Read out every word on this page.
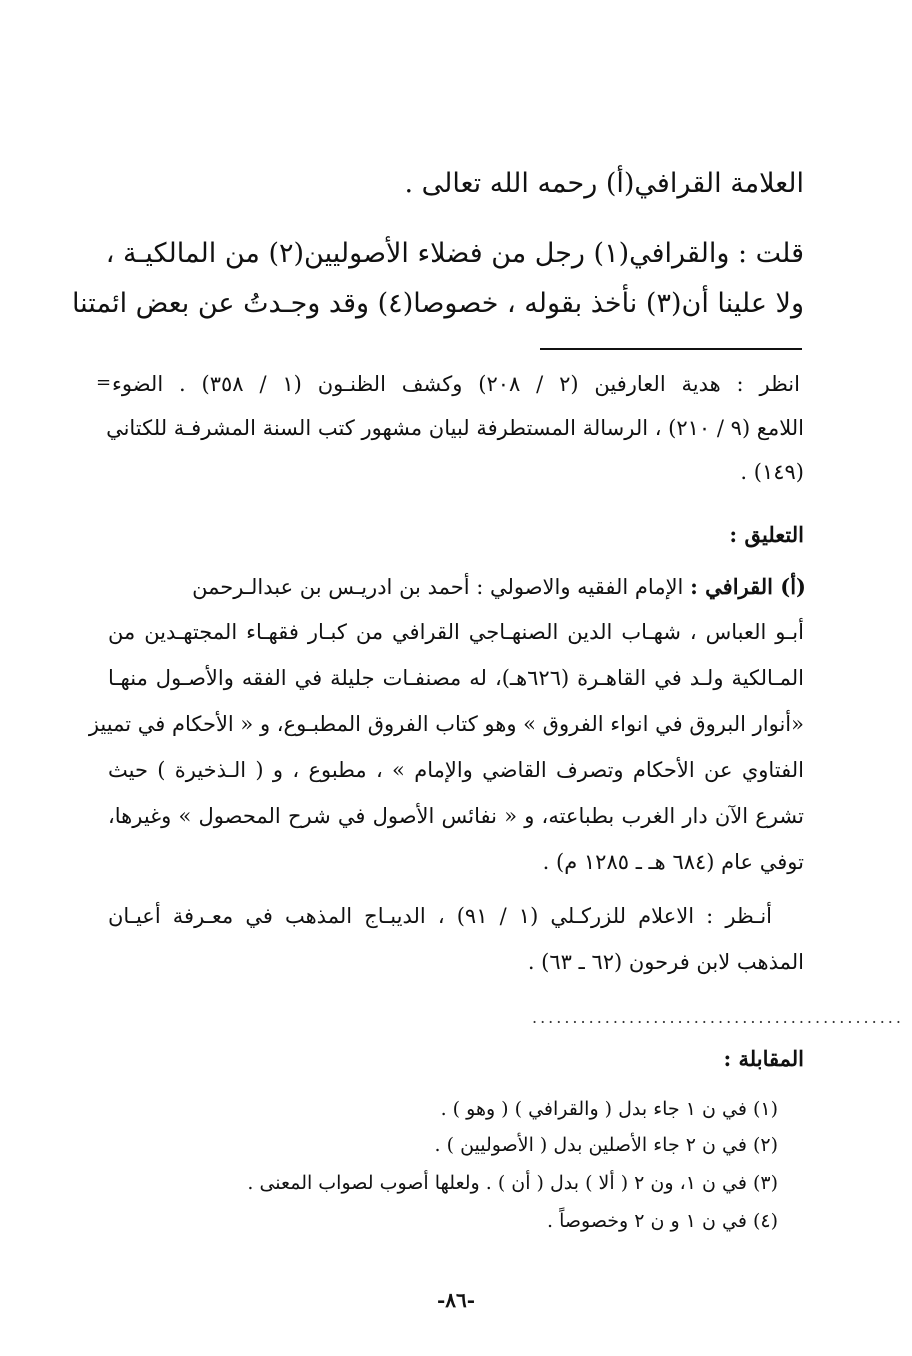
العلامة القرافي(أ) رحمه الله تعالى .
قلت : والقرافي(١) رجل من فضلاء الأصوليين(٢) من المالكيـة ،
ولا علينا أن(٣) نأخذ بقوله ، خصوصا(٤) وقد وجـدتُ عن بعض ائمتنا
= انظر : هدية العارفين (٢ / ٢٠٨) وكشف الظنـون (١ / ٣٥٨) . الضوء
اللامع (٩ / ٢١٠) ، الرسالة المستطرفة لبيان مشهور كتب السنة المشرفـة للكتاني
(١٤٩) .
التعليق :
(أ) القرافي : الإمام الفقيه والاصولي : أحمد بن ادريـس بن عبدالـرحمن
أبـو العباس ، شهـاب الدين الصنهـاجي القرافي من كبـار فقهـاء المجتهـدين من
المـالكية ولـد في القاهـرة (٦٢٦هـ)، له مصنفـات جليلة في الفقه والأصـول منهـا
«أنوار البروق في انواء الفروق » وهو كتاب الفروق المطبـوع، و « الأحكام في تمييز
الفتاوي عن الأحكام وتصرف القاضي والإمام » ، مطبوع ، و ( الـذخيرة ) حيث
تشرع الآن دار الغرب بطباعته، و « نفائس الأصول في شرح المحصول » وغيرها،
توفي عام (٦٨٤ هـ ـ ١٢٨٥ م) .
أنـظر : الاعلام للزركـلي (١ / ٩١) ، الديبـاج المذهب في معـرفة أعيـان
المذهب لابن فرحون (٦٢ ـ ٦٣) .
..............................................
المقابلة :
(١) في ن ١ جاء بدل ( والقرافي ) ( وهو ) .
(٢) في ن ٢ جاء الأصلين بدل ( الأصوليين ) .
(٣) في ن ١، ون ٢ ( ألا ) بدل ( أن ) . ولعلها أصوب لصواب المعنى .
(٤) في ن ١ و ن ٢ وخصوصاً .
-٨٦-
